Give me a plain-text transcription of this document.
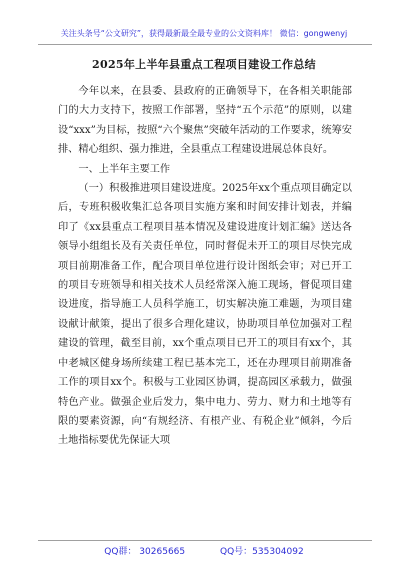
关注头条号“公文研究”，获得最新最全最专业的公文资料库！ 微信：gongwenyj
2025年上半年县重点工程项目建设工作总结

今年以来，在县委、县政府的正确领导下，在各相关职能部门的大力支持下，按照工作部署，坚持“五个示范”的原则，以建设“xxx”为目标，按照“六个聚焦”突破年活动的工作要求，统筹安排、精心组织、强力推进，全县重点工程建设进展总体良好。

一、上半年主要工作

（一）积极推进项目建设进度。2025年xx个重点项目确定以后，专班积极收集汇总各项目实施方案和时间安排计划表，并编印了《xx县重点工程项目基本情况及建设进度计划汇编》送达各领导小组组长及有关责任单位，同时督促未开工的项目尽快完成项目前期准备工作，配合项目单位进行设计图纸会审；对已开工的项目专班领导和相关技术人员经常深入施工现场，督促项目建设进度，指导施工人员科学施工，切实解决施工难题，为项目建设献计献策，提出了很多合理化建议，协助项目单位加强对工程建设的管理，截至目前，xx个重点项目已开工的项目有xx个，其中老城区健身场所续建工程已基本完工，还在办理项目前期准备工作的项目xx个。积极与工业园区协调，提高园区承载力，做强特色产业。做强企业后发力，集中电力、劳力、财力和土地等有限的要素资源，向“有规经济、有根产业、有税企业”倾斜，今后土地指标要优先保证大项

QQ群： 30265665	QQ号：535304092
